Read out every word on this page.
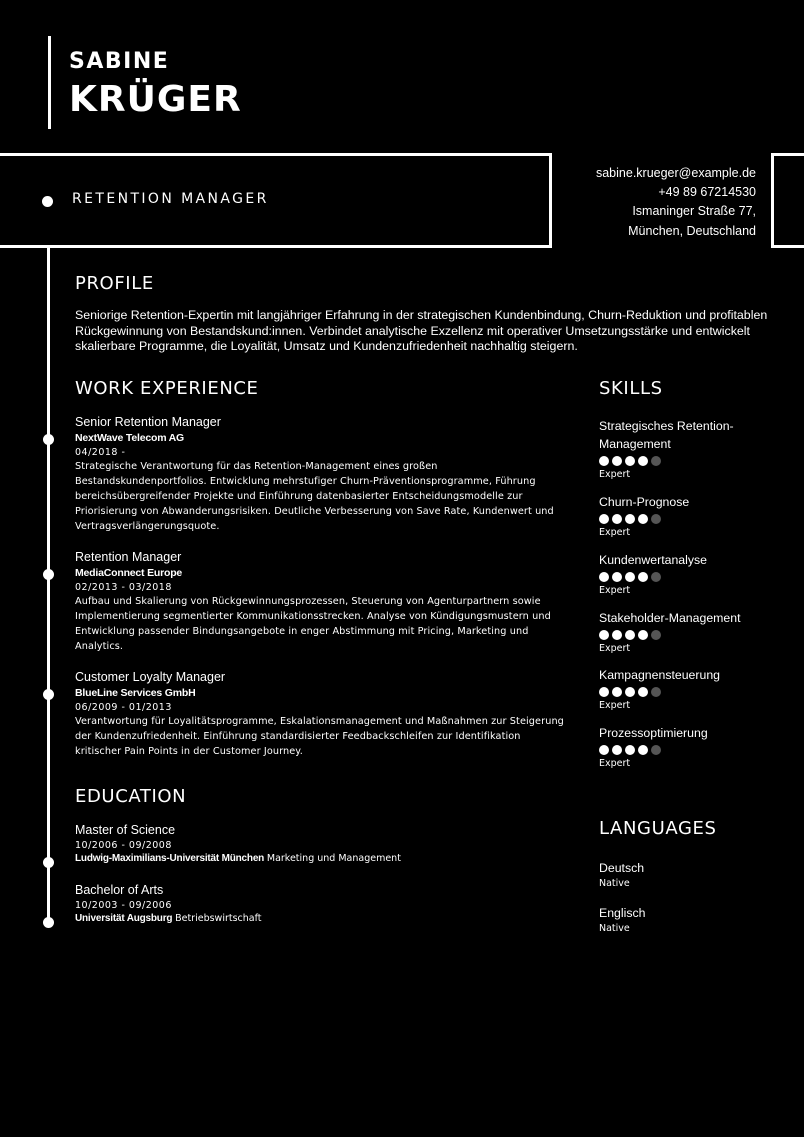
SABINE
KRÜGER
RETENTION MANAGER
sabine.krueger@example.de
+49 89 67214530
Ismaninger Straße 77,
München, Deutschland
PROFILE
Seniorige Retention-Expertin mit langjähriger Erfahrung in der strategischen Kundenbindung, Churn-Reduktion und profitablen Rückgewinnung von Bestandskund:innen. Verbindet analytische Exzellenz mit operativer Umsetzungsstärke und entwickelt skalierbare Programme, die Loyalität, Umsatz und Kundenzufriedenheit nachhaltig steigern.
WORK EXPERIENCE
Senior Retention Manager
NextWave Telecom AG
04/2018 -
Strategische Verantwortung für das Retention-Management eines großen Bestandskundenportfolios. Entwicklung mehrstufiger Churn-Präventionsprogramme, Führung bereichsübergreifender Projekte und Einführung datenbasierter Entscheidungsmodelle zur Priorisierung von Abwanderungsrisiken. Deutliche Verbesserung von Save Rate, Kundenwert und Vertragsverlängerungsquote.
Retention Manager
MediaConnect Europe
02/2013 - 03/2018
Aufbau und Skalierung von Rückgewinnungsprozessen, Steuerung von Agenturpartnern sowie Implementierung segmentierter Kommunikationsstrecken. Analyse von Kündigungsmustern und Entwicklung passender Bindungsangebote in enger Abstimmung mit Pricing, Marketing und Analytics.
Customer Loyalty Manager
BlueLine Services GmbH
06/2009 - 01/2013
Verantwortung für Loyalitätsprogramme, Eskalationsmanagement und Maßnahmen zur Steigerung der Kundenzufriedenheit. Einführung standardisierter Feedbackschleifen zur Identifikation kritischer Pain Points in der Customer Journey.
EDUCATION
Master of Science
10/2006 - 09/2008
Ludwig-Maximilians-Universität München Marketing und Management
Bachelor of Arts
10/2003 - 09/2006
Universität Augsburg Betriebswirtschaft
SKILLS
Strategisches Retention-Management
Expert
Churn-Prognose
Expert
Kundenwertanalyse
Expert
Stakeholder-Management
Expert
Kampagnensteuerung
Expert
Prozessoptimierung
Expert
LANGUAGES
Deutsch
Native
Englisch
Native
